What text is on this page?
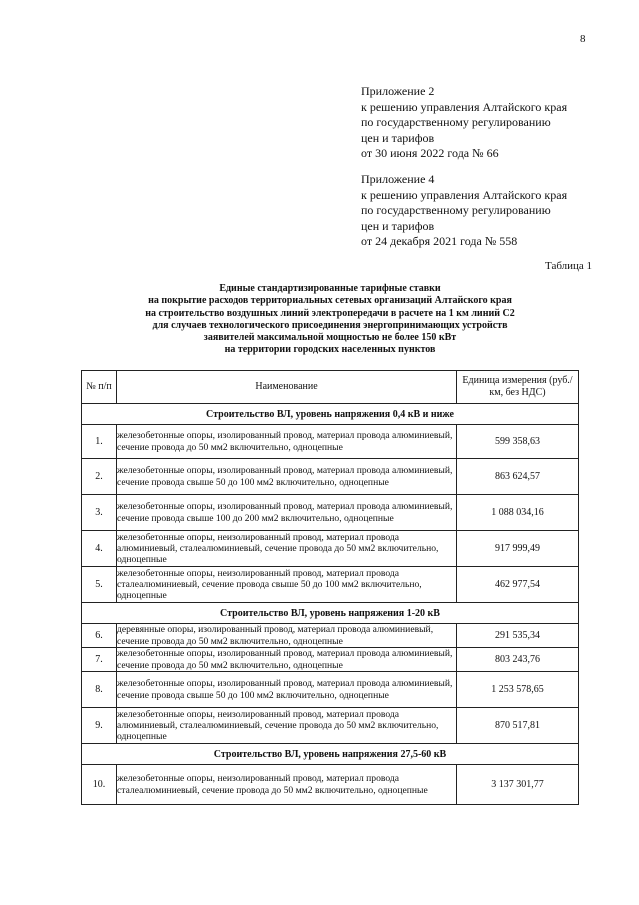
8
Приложение 2
к решению управления Алтайского края
по государственному регулированию
цен и тарифов
от 30 июня 2022 года № 66
Приложение 4
к решению управления Алтайского края
по государственному регулированию
цен и тарифов
от 24 декабря 2021 года № 558
Таблица 1
Единые стандартизированные тарифные ставки
на покрытие расходов территориальных сетевых организаций Алтайского края
на строительство воздушных линий электропередачи в расчете на 1 км линий С2
для случаев технологического присоединения энергопринимающих устройств
заявителей максимальной мощностью не более 150 кВт
на территории городских населенных пунктов
№ п/п	Наименование	Единица измерения (руб./км, без НДС)
Строительство ВЛ, уровень напряжения 0,4 кВ и ниже		
1.	железобетонные опоры, изолированный провод, материал провода алюминиевый, сечение провода до 50 мм2 включительно, одноцепные	599 358,63
2.	железобетонные опоры, изолированный провод, материал провода алюминиевый, сечение провода свыше 50 до 100 мм2 включительно, одноцепные	863 624,57
3.	железобетонные опоры, изолированный провод, материал провода алюминиевый, сечение провода свыше 100 до 200 мм2 включительно, одноцепные	1 088 034,16
4.	железобетонные опоры, неизолированный провод, материал провода алюминиевый, сталеалюминиевый, сечение провода до 50 мм2 включительно, одноцепные	917 999,49
5.	железобетонные опоры, неизолированный провод, материал провода сталеалюминиевый, сечение провода свыше 50 до 100 мм2 включительно, одноцепные	462 977,54
Строительство ВЛ, уровень напряжения 1-20 кВ		
6.	деревянные опоры, изолированный провод, материал провода алюминиевый, сечение провода до 50 мм2 включительно, одноцепные	291 535,34
7.	железобетонные опоры, изолированный провод, материал провода алюминиевый, сечение провода до 50 мм2 включительно, одноцепные	803 243,76
8.	железобетонные опоры, изолированный провод, материал провода алюминиевый, сечение провода свыше 50 до 100 мм2 включительно, одноцепные	1 253 578,65
9.	железобетонные опоры, неизолированный провод, материал провода алюминиевый, сталеалюминиевый, сечение провода до 50 мм2 включительно, одноцепные	870 517,81
Строительство ВЛ, уровень напряжения 27,5-60 кВ		
10.	железобетонные опоры, неизолированный провод, материал провода сталеалюминиевый, сечение провода до 50 мм2 включительно, одноцепные	3 137 301,77
